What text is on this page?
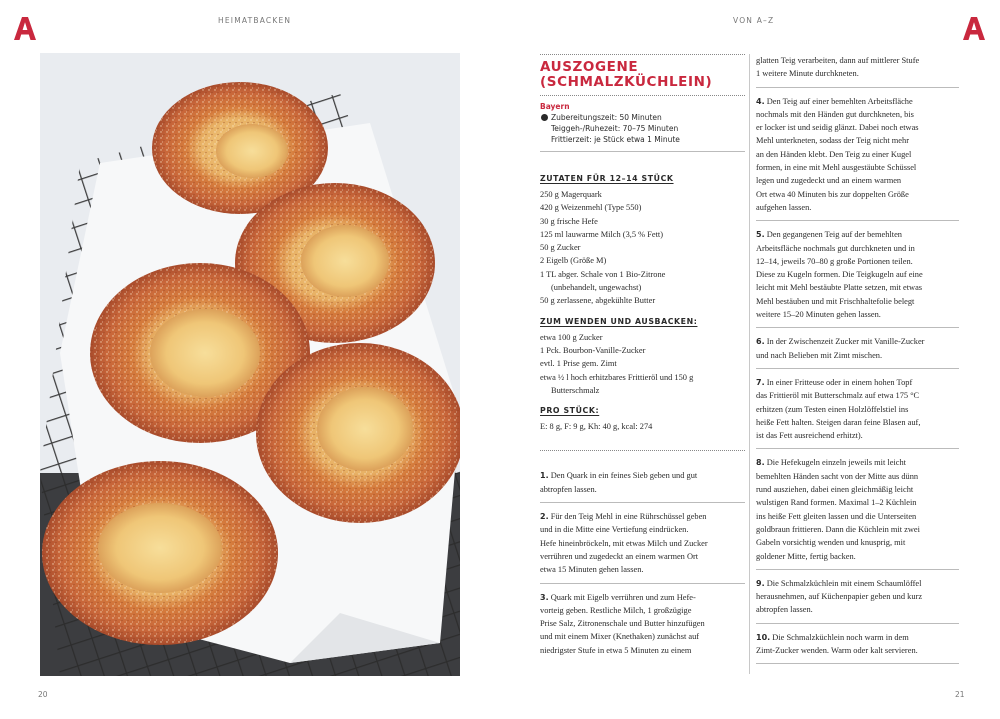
HEIMATBACKEN	VON A–Z
20	21
AUSZOGENE
(SCHMALZKÜCHLEIN)
Bayern
Zubereitungszeit: 50 Minuten
Teiggeh-/Ruhezeit: 70–75 Minuten
Frittierzeit: je Stück etwa 1 Minute
ZUTATEN FÜR 12–14 STÜCK
250 g Magerquark
420 g Weizenmehl (Type 550)
30 g frische Hefe
125 ml lauwarme Milch (3,5 % Fett)
50 g Zucker
2 Eigelb (Größe M)
1 TL abger. Schale von 1 Bio-Zitrone
(unbehandelt, ungewachst)
50 g zerlassene, abgekühlte Butter
ZUM WENDEN UND AUSBACKEN:
etwa 100 g Zucker
1 Pck. Bourbon-Vanille-Zucker
evtl. 1 Prise gem. Zimt
etwa ½ l hoch erhitzbares Frittieröl und 150 g
Butterschmalz
PRO STÜCK:
E: 8 g, F: 9 g, Kh: 40 g, kcal: 274
1. Den Quark in ein feines Sieb geben und gut
abtropfen lassen.
2. Für den Teig Mehl in eine Rührschüssel geben
und in die Mitte eine Vertiefung eindrücken.
Hefe hineinbröckeln, mit etwas Milch und Zucker
verrühren und zugedeckt an einem warmen Ort
etwa 15 Minuten gehen lassen.
3. Quark mit Eigelb verrühren und zum Hefe-
vorteig geben. Restliche Milch, 1 großzügige
Prise Salz, Zitronenschale und Butter hinzufügen
und mit einem Mixer (Knethaken) zunächst auf
niedrigster Stufe in etwa 5 Minuten zu einem
glatten Teig verarbeiten, dann auf mittlerer Stufe
1 weitere Minute durchkneten.
4. Den Teig auf einer bemehlten Arbeitsfläche
nochmals mit den Händen gut durchkneten, bis
er locker ist und seidig glänzt. Dabei noch etwas
Mehl unterkneten, sodass der Teig nicht mehr
an den Händen klebt. Den Teig zu einer Kugel
formen, in eine mit Mehl ausgestäubte Schüssel
legen und zugedeckt und an einem warmen
Ort etwa 40 Minuten bis zur doppelten Größe
aufgehen lassen.
5. Den gegangenen Teig auf der bemehlten
Arbeitsfläche nochmals gut durchkneten und in
12–14, jeweils 70–80 g große Portionen teilen.
Diese zu Kugeln formen. Die Teigkugeln auf eine
leicht mit Mehl bestäubte Platte setzen, mit etwas
Mehl bestäuben und mit Frischhaltefolie belegt
weitere 15–20 Minuten gehen lassen.
6. In der Zwischenzeit Zucker mit Vanille-Zucker
und nach Belieben mit Zimt mischen.
7. In einer Fritteuse oder in einem hohen Topf
das Frittieröl mit Butterschmalz auf etwa 175 °C
erhitzen (zum Testen einen Holzlöffelstiel ins
heiße Fett halten. Steigen daran feine Blasen auf,
ist das Fett ausreichend erhitzt).
8. Die Hefekugeln einzeln jeweils mit leicht
bemehlten Händen sacht von der Mitte aus dünn
rund ausziehen, dabei einen gleichmäßig leicht
wulstigen Rand formen. Maximal 1–2 Küchlein
ins heiße Fett gleiten lassen und die Unterseiten
goldbraun frittieren. Dann die Küchlein mit zwei
Gabeln vorsichtig wenden und knusprig, mit
goldener Mitte, fertig backen.
9. Die Schmalzküchlein mit einem Schaumlöffel
herausnehmen, auf Küchenpapier geben und kurz
abtropfen lassen.
10. Die Schmalzküchlein noch warm in dem
Zimt-Zucker wenden. Warm oder kalt servieren.
